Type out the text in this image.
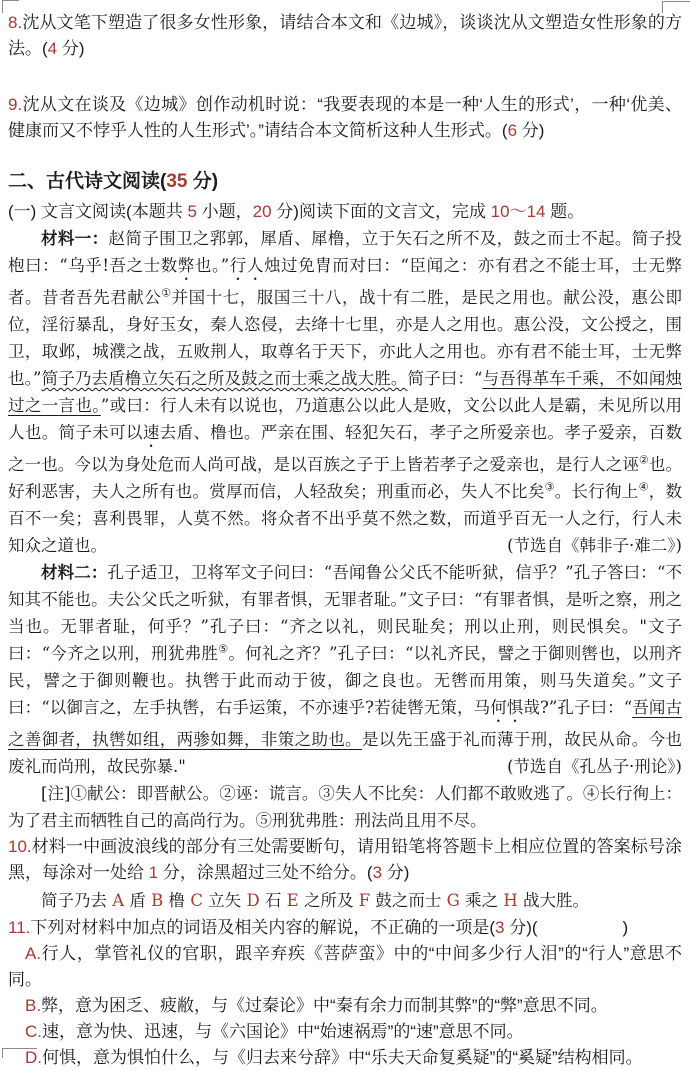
8.沈从文笔下塑造了很多女性形象，请结合本文和《边城》，谈谈沈从文塑造女性形象的方法。(4 分)

9.沈从文在谈及《边城》创作动机时说：“我要表现的本是一种‘人生的形式’，一种‘优美、健康而又不悖乎人性的人生形式’。”请结合本文简析这种人生形式。(6 分)

二、古代诗文阅读(35 分)

(一) 文言文阅读(本题共 5 小题，20 分)阅读下面的文言文，完成 10～14 题。

材料一：赵简子围卫之郛郭，犀盾、犀橹，立于矢石之所不及，鼓之而士不起。简子投枹曰：“乌乎!吾之士数弊也。”行人烛过免胄而对曰：“臣闻之：亦有君之不能士耳，士无弊者。昔者吾先君献公①并国十七，服国三十八，战十有二胜，是民之用也。献公没，惠公即位，淫衍暴乱，身好玉女，秦人恣侵，去绛十七里，亦是人之用也。惠公没，文公授之，围卫，取邺，城濮之战，五败荆人，取尊名于天下，亦此人之用也。亦有君不能士耳，士无弊也。”简子乃去盾橹立矢石之所及鼓之而士乘之战大胜。简子曰：“与吾得革车千乘，不如闻烛过之一言也。”或曰：行人未有以说也，乃道惠公以此人是败，文公以此人是霸，未见所以用人也。简子未可以速去盾、橹也。严亲在围、轻犯矢石，孝子之所爱亲也。孝子爱亲，百数之一也。今以为身处危而人尚可战，是以百族之子于上皆若孝子之爱亲也，是行人之诬②也。好利恶害，夫人之所有也。赏厚而信，人轻敌矣；刑重而必，失人不比矣③。长行徇上④，数百不一矣；喜利畏罪，人莫不然。将众者不出乎莫不然之数，而道乎百无一人之行，行人未知众之道也。	(节选自《韩非子·难二》)

材料二：孔子适卫，卫将军文子问曰：“吾闻鲁公父氏不能听狱，信乎？”孔子答曰：“不知其不能也。夫公父氏之听狱，有罪者惧，无罪者耻。”文子曰：“有罪者惧，是听之察，刑之当也。无罪者耻，何乎？”孔子曰：“齐之以礼，则民耻矣；刑以止刑，则民惧矣。"文子曰：“今齐之以刑，刑犹弗胜⑤。何礼之齐？”孔子曰：“以礼齐民，譬之于御则辔也，以刑齐民，譬之于御则鞭也。执辔于此而动于彼，御之良也。无辔而用策，则马失道矣。”文子曰：“以御言之，左手执辔，右手运策，不亦速乎?若徒辔无策，马何惧哉?”孔子曰：“吾闻古之善御者，执辔如组，两骖如舞，非策之助也。是以先王盛于礼而薄于刑，故民从命。今也废礼而尚刑，故民弥暴."	(节选自《孔丛子·刑论》)

[注]①献公：即晋献公。②诬：谎言。③失人不比矣：人们都不敢败逃了。④长行徇上：为了君主而牺牲自己的高尚行为。⑤刑犹弗胜：刑法尚且用不尽。

10.材料一中画波浪线的部分有三处需要断句，请用铅笔将答题卡上相应位置的答案标号涂黑，每涂对一处给 1 分，涂黑超过三处不给分。(3 分)

简子乃去 A 盾 B 橹 C 立矢 D 石 E 之所及 F 鼓之而士 G 乘之 H 战大胜。

11.下列对材料中加点的词语及相关内容的解说，不正确的一项是(3 分)(　　　　　)

A.行人，掌管礼仪的官职，跟辛弃疾《菩萨蛮》中的“中间多少行人泪”的“行人”意思不同。

B.弊，意为困乏、疲敝，与《过秦论》中“秦有余力而制其弊”的“弊”意思不同。

C.速，意为快、迅速，与《六国论》中“始速祸焉”的“速”意思不同。

D.何惧，意为惧怕什么，与《归去来兮辞》中“乐夫天命复奚疑”的“奚疑”结构相同。
